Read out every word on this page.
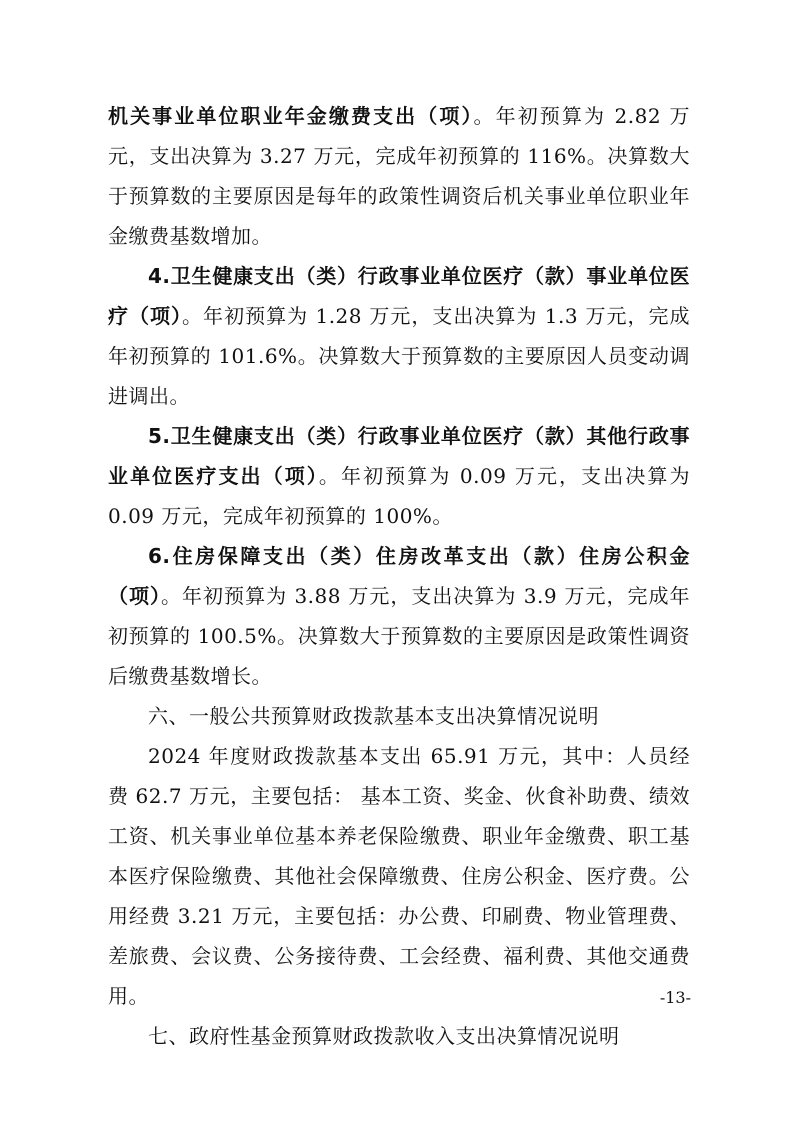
机关事业单位职业年金缴费支出（项）。年初预算为 2.82 万元，支出决算为 3.27 万元，完成年初预算的 116%。决算数大于预算数的主要原因是每年的政策性调资后机关事业单位职业年金缴费基数增加。

4.卫生健康支出（类）行政事业单位医疗（款）事业单位医疗（项）。年初预算为 1.28 万元，支出决算为 1.3 万元，完成年初预算的 101.6%。决算数大于预算数的主要原因人员变动调进调出。

5.卫生健康支出（类）行政事业单位医疗（款）其他行政事业单位医疗支出（项）。年初预算为 0.09 万元，支出决算为 0.09 万元，完成年初预算的 100%。

6.住房保障支出（类）住房改革支出（款）住房公积金（项）。年初预算为 3.88 万元，支出决算为 3.9 万元，完成年初预算的 100.5%。决算数大于预算数的主要原因是政策性调资后缴费基数增长。

六、一般公共预算财政拨款基本支出决算情况说明

2024 年度财政拨款基本支出 65.91 万元，其中：人员经费 62.7 万元，主要包括： 基本工资、奖金、伙食补助费、绩效工资、机关事业单位基本养老保险缴费、职业年金缴费、职工基本医疗保险缴费、其他社会保障缴费、住房公积金、医疗费。公用经费 3.21 万元，主要包括：办公费、印刷费、物业管理费、差旅费、会议费、公务接待费、工会经费、福利费、其他交通费用。

七、政府性基金预算财政拨款收入支出决算情况说明

-13-
